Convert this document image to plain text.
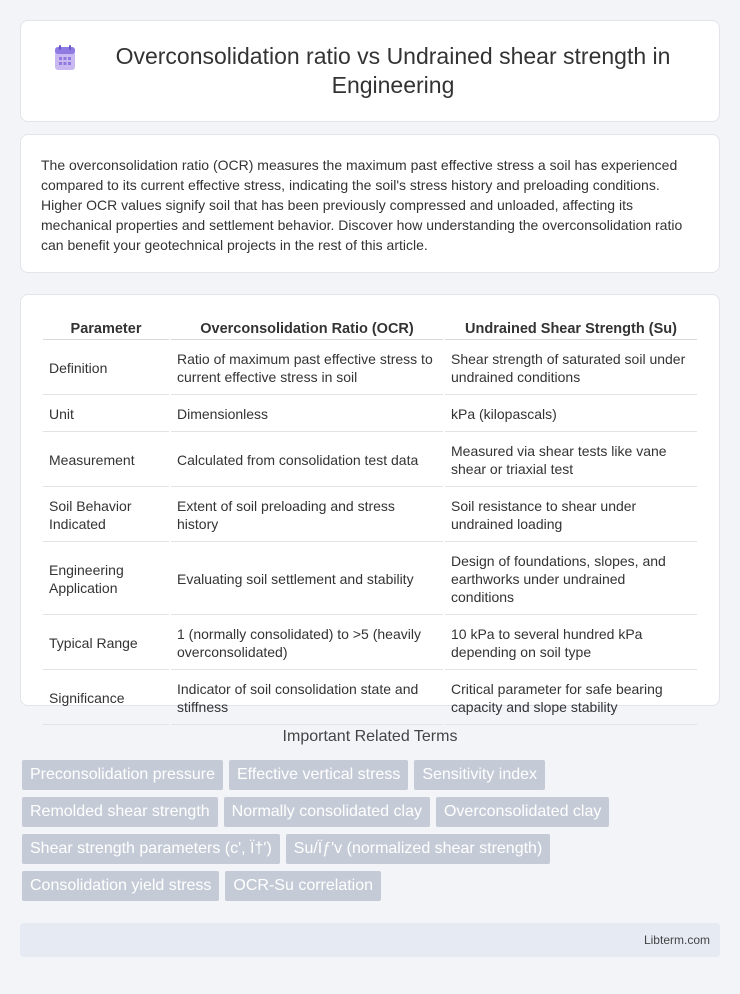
Overconsolidation ratio vs Undrained shear strength in Engineering

The overconsolidation ratio (OCR) measures the maximum past effective stress a soil has experienced compared to its current effective stress, indicating the soil's stress history and preloading conditions. Higher OCR values signify soil that has been previously compressed and unloaded, affecting its mechanical properties and settlement behavior. Discover how understanding the overconsolidation ratio can benefit your geotechnical projects in the rest of this article.

Parameter	Overconsolidation Ratio (OCR)	Undrained Shear Strength (Su)
Definition	Ratio of maximum past effective stress to current effective stress in soil	Shear strength of saturated soil under undrained conditions
Unit	Dimensionless	kPa (kilopascals)
Measurement	Calculated from consolidation test data	Measured via shear tests like vane shear or triaxial test
Soil Behavior Indicated	Extent of soil preloading and stress history	Soil resistance to shear under undrained loading
Engineering Application	Evaluating soil settlement and stability	Design of foundations, slopes, and earthworks under undrained conditions
Typical Range	1 (normally consolidated) to >5 (heavily overconsolidated)	10 kPa to several hundred kPa depending on soil type
Significance	Indicator of soil consolidation state and stiffness	Critical parameter for safe bearing capacity and slope stability
Important Related Terms
Preconsolidation pressure	Effective vertical stress	Sensitivity index
Remolded shear strength	Normally consolidated clay	Overconsolidated clay
Shear strength parameters (c', Ï†')	Su/Ïƒ'v (normalized shear strength)
Consolidation yield stress	OCR-Su correlation
Libterm.com
